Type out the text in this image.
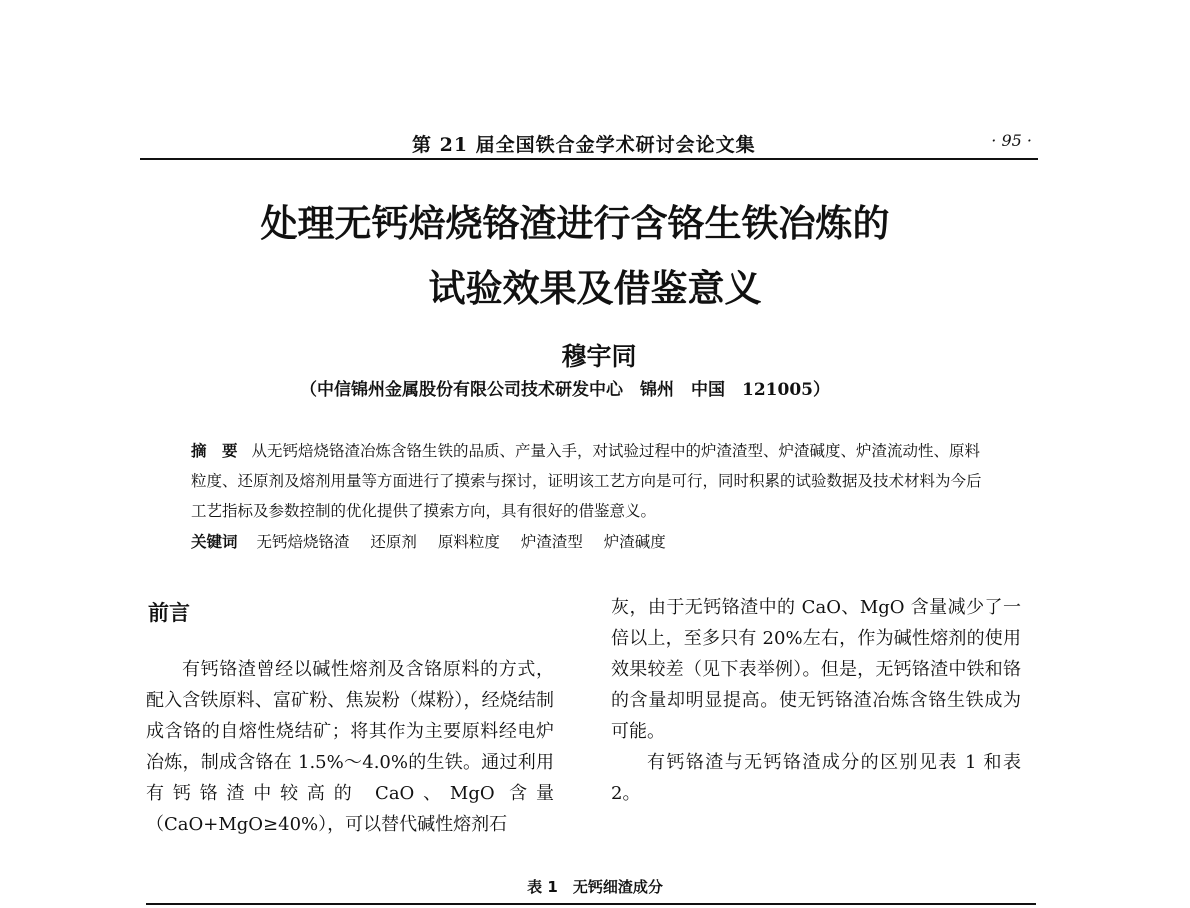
第 21 届全国铁合金学术研讨会论文集	· 95 ·
处理无钙焙烧铬渣进行含铬生铁冶炼的
试验效果及借鉴意义
穆宇同
（中信锦州金属股份有限公司技术研发中心　锦州　中国　121005）
摘　要 从无钙焙烧铬渣冶炼含铬生铁的品质、产量入手，对试验过程中的炉渣渣型、炉渣碱度、炉渣流动性、原料粒度、还原剂及熔剂用量等方面进行了摸索与探讨，证明该工艺方向是可行，同时积累的试验数据及技术材料为今后工艺指标及参数控制的优化提供了摸索方向，具有很好的借鉴意义。
关键词 无钙焙烧铬渣 还原剂 原料粒度 炉渣渣型 炉渣碱度
前言

有钙铬渣曾经以碱性熔剂及含铬原料的方式，配入含铁原料、富矿粉、焦炭粉（煤粉），经烧结制成含铬的自熔性烧结矿；将其作为主要原料经电炉冶炼，制成含铬在 1.5%～4.0%的生铁。通过利用有钙铬渣中较高的 CaO、MgO 含量（CaO+MgO≥40%），可以替代碱性熔剂石

灰，由于无钙铬渣中的 CaO、MgO 含量减少了一倍以上，至多只有 20%左右，作为碱性熔剂的使用效果较差（见下表举例）。但是，无钙铬渣中铁和铬的含量却明显提高。使无钙铬渣冶炼含铬生铁成为可能。

有钙铬渣与无钙铬渣成分的区别见表 1 和表 2。

表 1　无钙细渣成分
